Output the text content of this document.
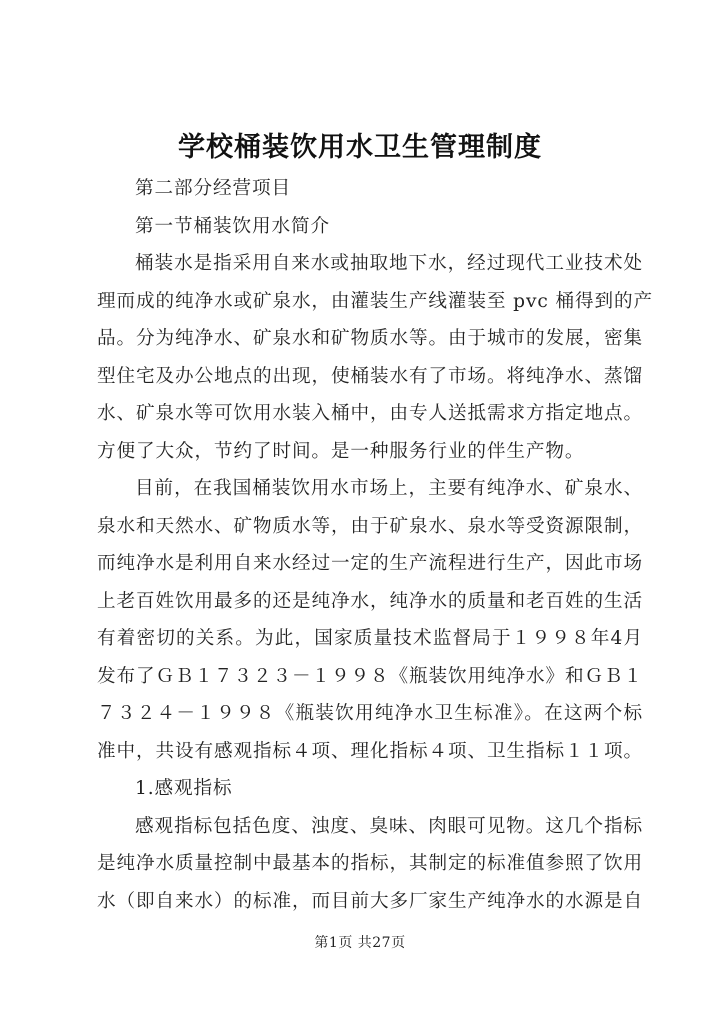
学校桶装饮用水卫生管理制度
第二部分经营项目
第一节桶装饮用水简介
桶装水是指采用自来水或抽取地下水，经过现代工业技术处
理而成的纯净水或矿泉水，由灌装生产线灌装至 pvc 桶得到的产
品。分为纯净水、矿泉水和矿物质水等。由于城市的发展，密集
型住宅及办公地点的出现，使桶装水有了市场。将纯净水、蒸馏
水、矿泉水等可饮用水装入桶中，由专人送抵需求方指定地点。
方便了大众，节约了时间。是一种服务行业的伴生产物。
目前，在我国桶装饮用水市场上，主要有纯净水、矿泉水、
泉水和天然水、矿物质水等，由于矿泉水、泉水等受资源限制，
而纯净水是利用自来水经过一定的生产流程进行生产，因此市场
上老百姓饮用最多的还是纯净水，纯净水的质量和老百姓的生活
有着密切的关系。为此，国家质量技术监督局于１９９８年4月
发布了ＧＢ１７３２３－１９９８《瓶装饮用纯净水》和ＧＢ１
７３２４－１９９８《瓶装饮用纯净水卫生标准》。在这两个标
准中，共设有感观指标４项、理化指标４项、卫生指标１１项。
1.感观指标
感观指标包括色度、浊度、臭味、肉眼可见物。这几个指标
是纯净水质量控制中最基本的指标，其制定的标准值参照了饮用
水（即自来水）的标准，而目前大多厂家生产纯净水的水源是自
第1页 共27页
